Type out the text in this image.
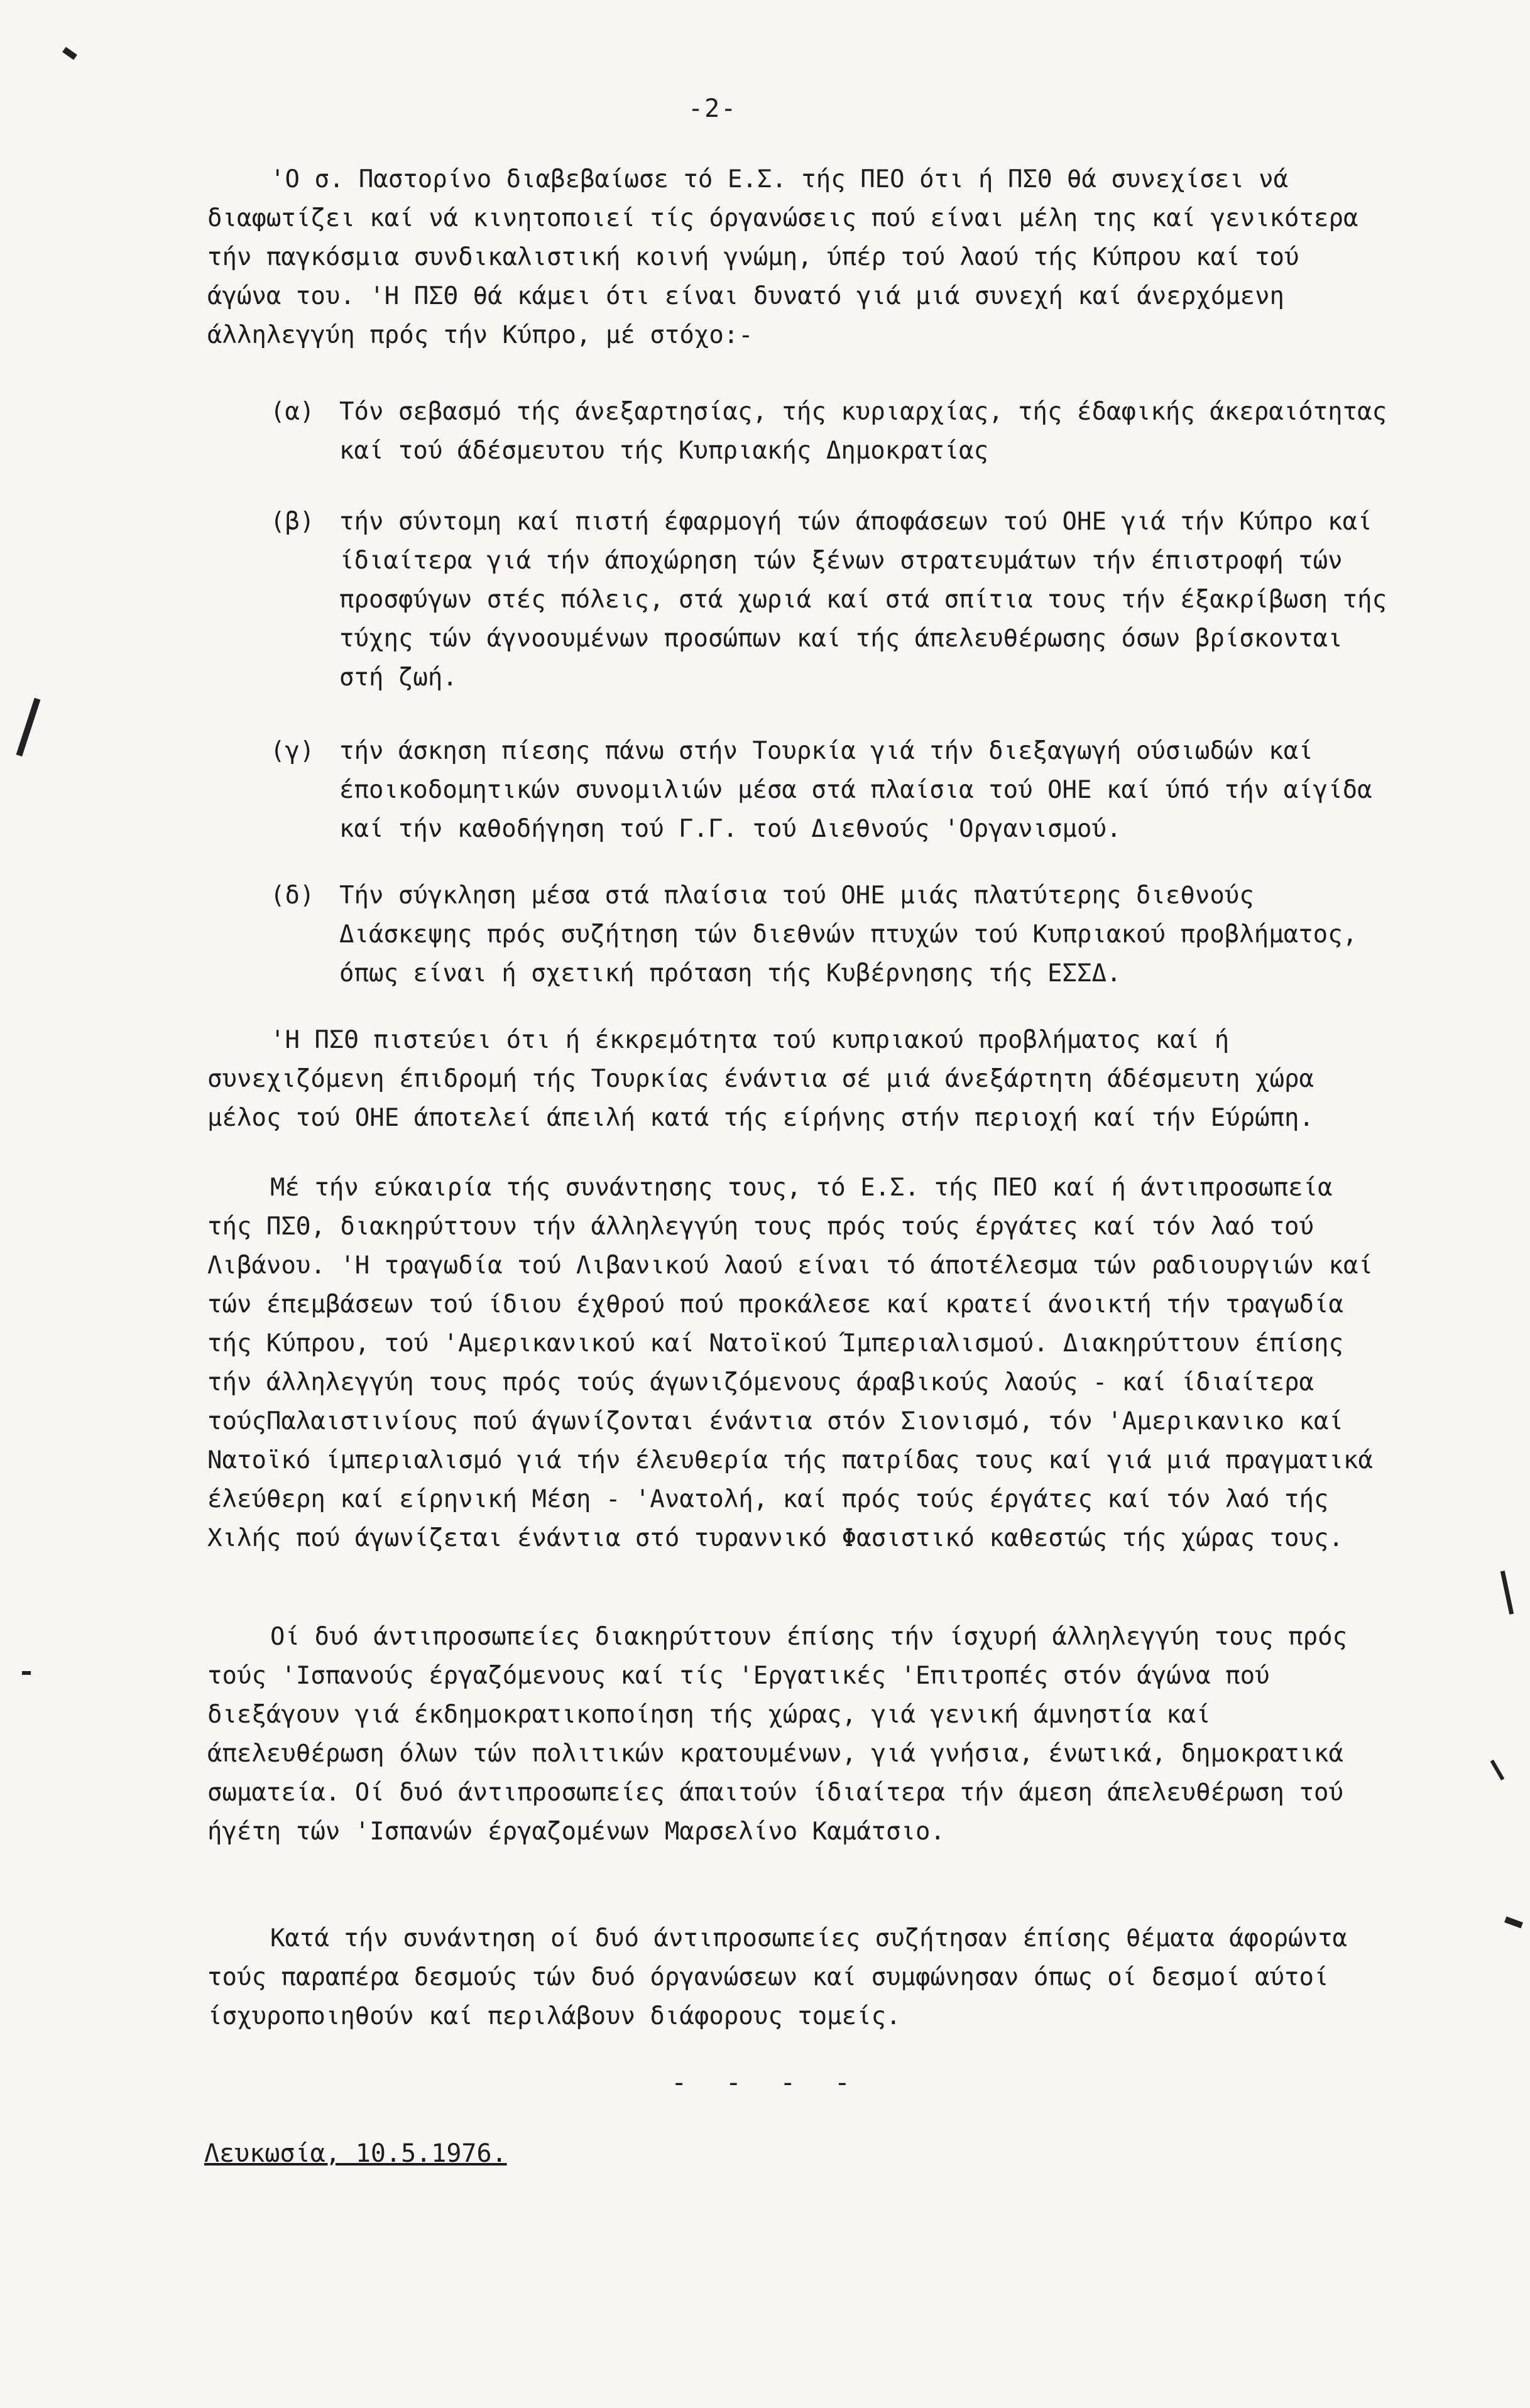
-2-

'Ο σ. Παστορίνο διαβεβαίωσε τό Ε.Σ. τής ΠΕΟ ότι ή ΠΣΘ θά συνεχίσει νά διαφωτίζει καί νά κινητοποιεί τίς όργανώσεις πού είναι μέλη της καί γενικότερα τήν παγκόσμια συνδικαλιστική κοινή γνώμη, ύπέρ τού λαού τής Κύπρου καί τού άγώνα του. 'Η ΠΣΘ θά κάμει ότι είναι δυνατό γιά μιά συνεχή καί άνερχόμενη άλληλεγγύη πρός τήν Κύπρο, μέ στόχο:-

(α) Τόν σεβασμό τής άνεξαρτησίας, τής κυριαρχίας, τής έδαφικής άκεραιότητας καί τού άδέσμευτου τής Κυπριακής Δημοκρατίας

(β) τήν σύντομη καί πιστή έφαρμογή τών άποφάσεων τού ΟΗΕ γιά τήν Κύπρο καί ίδιαίτερα γιά τήν άποχώρηση τών ξένων στρατευμάτων τήν έπιστροφή τών προσφύγων στές πόλεις, στά χωριά καί στά σπίτια τους τήν έξακρίβωση τής τύχης τών άγνοουμένων προσώπων καί τής άπελευθέρωσης όσων βρίσκονται στή ζωή.

(γ) τήν άσκηση πίεσης πάνω στήν Τουρκία γιά τήν διεξαγωγή ούσιωδών καί έποικοδομητικών συνομιλιών μέσα στά πλαίσια τού ΟΗΕ καί ύπό τήν αίγίδα καί τήν καθοδήγηση τού Γ.Γ. τού Διεθνούς 'Οργανισμού.

(δ) Τήν σύγκληση μέσα στά πλαίσια τού ΟΗΕ μιάς πλατύτερης διεθνούς Διάσκεψης πρός συζήτηση τών διεθνών πτυχών τού Κυπριακού προβλήματος, όπως είναι ή σχετική πρόταση τής Κυβέρνησης τής ΕΣΣΔ.

'Η ΠΣΘ πιστεύει ότι ή έκκρεμότητα τού κυπριακού προβλήματος καί ή συνεχιζόμενη έπιδρομή τής Τουρκίας ένάντια σέ μιά άνεξάρτητη άδέσμευτη χώρα μέλος τού ΟΗΕ άποτελεί άπειλή κατά τής είρήνης στήν περιοχή καί τήν Εύρώπη.

Μέ τήν εύκαιρία τής συνάντησης τους, τό Ε.Σ. τής ΠΕΟ καί ή άντιπροσωπεία τής ΠΣΘ, διακηρύττουν τήν άλληλεγγύη τους πρός τούς έργάτες καί τόν λαό τού Λιβάνου. 'Η τραγωδία τού Λιβανικού λαού είναι τό άποτέλεσμα τών ραδιουργιών καί τών έπεμβάσεων τού ίδιου έχθρού πού προκάλεσε καί κρατεί άνοικτή τήν τραγωδία τής Κύπρου, τού 'Αμερικανικού καί Νατοϊκού Ίμπεριαλισμού. Διακηρύττουν έπίσης τήν άλληλεγγύη τους πρός τούς άγωνιζόμενους άραβικούς λαούς - καί ίδιαίτερα τούςΠαλαιστινίους πού άγωνίζονται ένάντια στόν Σιονισμό, τόν 'Αμερικανικο καί Νατοϊκό ίμπεριαλισμό γιά τήν έλευθερία τής πατρίδας τους καί γιά μιά πραγματικά έλεύθερη καί είρηνική Μέση - 'Ανατολή, καί πρός τούς έργάτες καί τόν λαό τής Χιλής πού άγωνίζεται ένάντια στό τυραννικό Φασιστικό καθεστώς τής χώρας τους.

Οί δυό άντιπροσωπείες διακηρύττουν έπίσης τήν ίσχυρή άλληλεγγύη τους πρός τούς 'Ισπανούς έργαζόμενους καί τίς 'Εργατικές 'Επιτροπές στόν άγώνα πού διεξάγουν γιά έκδημοκρατικοποίηση τής χώρας, γιά γενική άμνηστία καί άπελευθέρωση όλων τών πολιτικών κρατουμένων, γιά γνήσια, ένωτικά, δημοκρατικά σωματεία. Οί δυό άντιπροσωπείες άπαιτούν ίδιαίτερα τήν άμεση άπελευθέρωση τού ήγέτη τών 'Ισπανών έργαζομένων Μαρσελίνο Καμάτσιο.

Κατά τήν συνάντηση οί δυό άντιπροσωπείες συζήτησαν έπίσης θέματα άφορώντα τούς παραπέρα δεσμούς τών δυό όργανώσεων καί συμφώνησαν όπως οί δεσμοί αύτοί ίσχυροποιηθούν καί περιλάβουν διάφορους τομείς.

- - - -
Λευκωσία, 10.5.1976.
